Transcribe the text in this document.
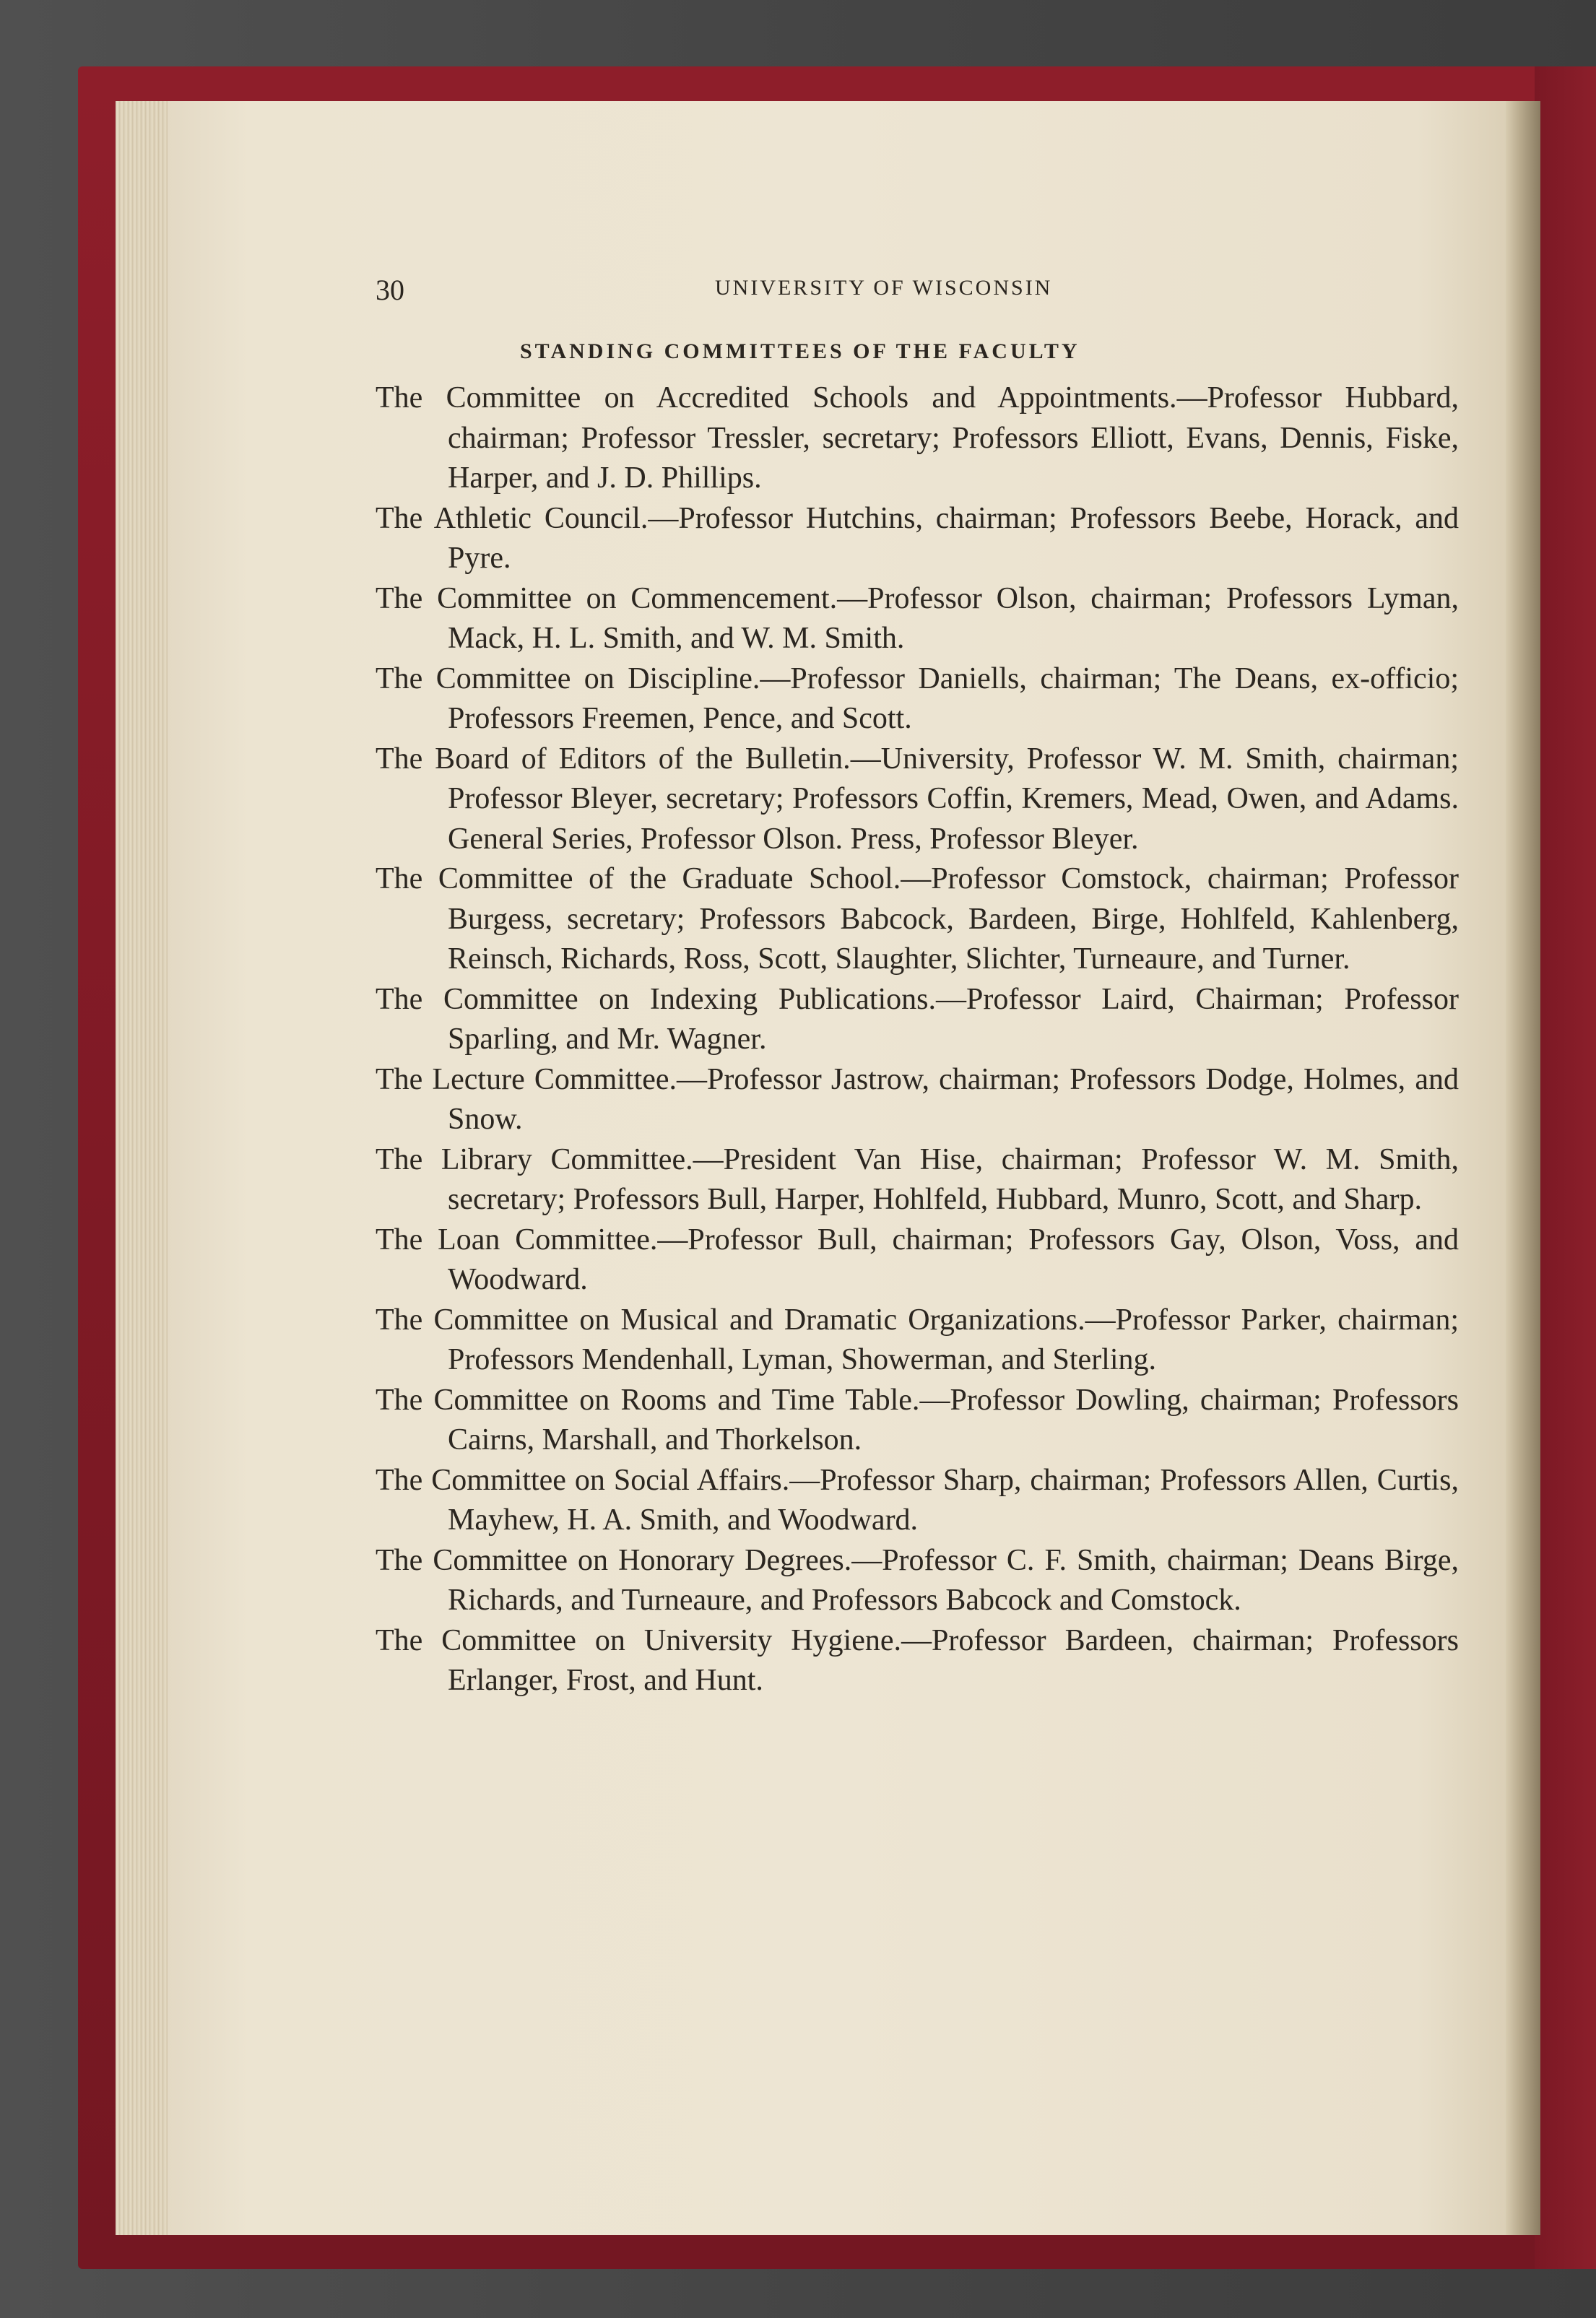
30	UNIVERSITY OF WISCONSIN
STANDING COMMITTEES OF THE FACULTY

The Committee on Accredited Schools and Appointments.—Professor Hubbard, chairman; Professor Tressler, secretary; Professors Elliott, Evans, Dennis, Fiske, Harper, and J. D. Phillips.

The Athletic Council.—Professor Hutchins, chairman; Professors Beebe, Horack, and Pyre.

The Committee on Commencement.—Professor Olson, chairman; Professors Lyman, Mack, H. L. Smith, and W. M. Smith.

The Committee on Discipline.—Professor Daniells, chairman; The Deans, ex-officio; Professors Freemen, Pence, and Scott.

The Board of Editors of the Bulletin.—University, Professor W. M. Smith, chairman; Professor Bleyer, secretary; Professors Coffin, Kremers, Mead, Owen, and Adams. General Series, Professor Olson. Press, Professor Bleyer.

The Committee of the Graduate School.—Professor Comstock, chairman; Professor Burgess, secretary; Professors Babcock, Bardeen, Birge, Hohlfeld, Kahlenberg, Reinsch, Richards, Ross, Scott, Slaughter, Slichter, Turneaure, and Turner.

The Committee on Indexing Publications.—Professor Laird, Chairman; Professor Sparling, and Mr. Wagner.

The Lecture Committee.—Professor Jastrow, chairman; Professors Dodge, Holmes, and Snow.

The Library Committee.—President Van Hise, chairman; Professor W. M. Smith, secretary; Professors Bull, Harper, Hohlfeld, Hubbard, Munro, Scott, and Sharp.

The Loan Committee.—Professor Bull, chairman; Professors Gay, Olson, Voss, and Woodward.

The Committee on Musical and Dramatic Organizations.—Professor Parker, chairman; Professors Mendenhall, Lyman, Showerman, and Sterling.

The Committee on Rooms and Time Table.—Professor Dowling, chairman; Professors Cairns, Marshall, and Thorkelson.

The Committee on Social Affairs.—Professor Sharp, chairman; Professors Allen, Curtis, Mayhew, H. A. Smith, and Woodward.

The Committee on Honorary Degrees.—Professor C. F. Smith, chairman; Deans Birge, Richards, and Turneaure, and Professors Babcock and Comstock.

The Committee on University Hygiene.—Professor Bardeen, chairman; Professors Erlanger, Frost, and Hunt.
